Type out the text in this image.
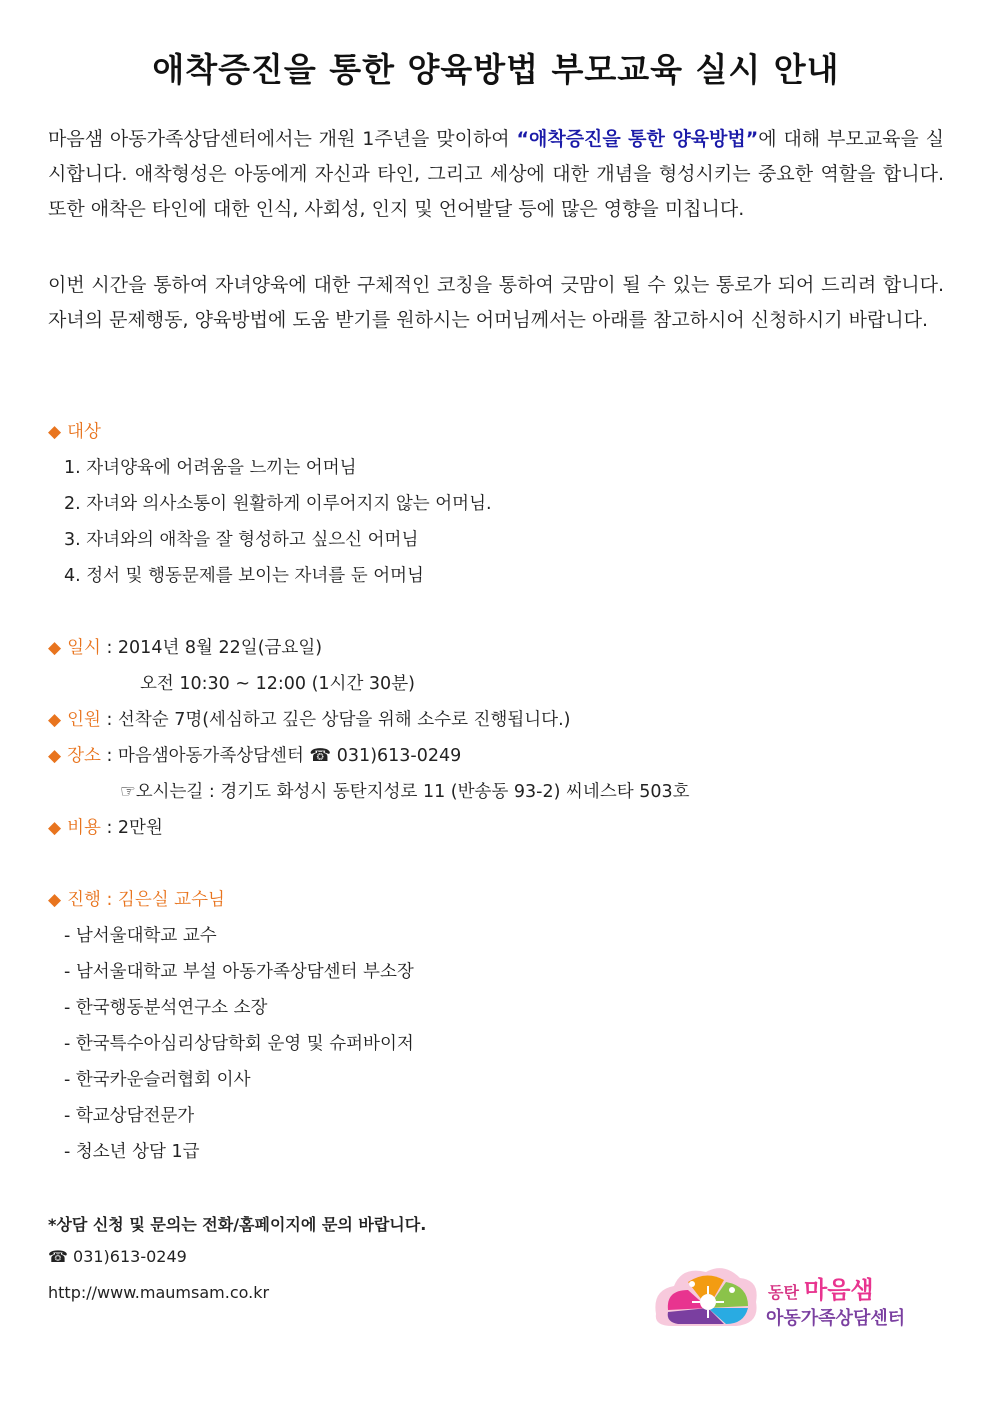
애착증진을 통한 양육방법 부모교육 실시 안내

마음샘 아동가족상담센터에서는 개원 1주년을 맞이하여 “애착증진을 통한 양육방법”에 대해 부모교육을 실시합니다. 애착형성은 아동에게 자신과 타인, 그리고 세상에 대한 개념을 형성시키는 중요한 역할을 합니다. 또한 애착은 타인에 대한 인식, 사회성, 인지 및 언어발달 등에 많은 영향을 미칩니다.

이번 시간을 통하여 자녀양육에 대한 구체적인 코칭을 통하여 긋맘이 될 수 있는 통로가 되어 드리려 합니다. 자녀의 문제행동, 양육방법에 도움 받기를 원하시는 어머님께서는 아래를 참고하시어 신청하시기 바랍니다.

◆ 대상
1. 자녀양육에 어려움을 느끼는 어머님
2. 자녀와 의사소통이 원활하게 이루어지지 않는 어머님.
3. 자녀와의 애착을 잘 형성하고 싶으신 어머님
4. 정서 및 행동문제를 보이는 자녀를 둔 어머님
◆ 일시 : 2014년 8월 22일(금요일)
오전 10:30 ~ 12:00 (1시간 30분)
◆ 인원 : 선착순 7명(세심하고 깊은 상담을 위해 소수로 진행됩니다.)
◆ 장소 : 마음샘아동가족상담센터 ☎ 031)613-0249
☞오시는길 : 경기도 화성시 동탄지성로 11 (반송동 93-2) 씨네스타 503호
◆ 비용 : 2만원
◆ 진행 : 김은실 교수님
- 남서울대학교 교수
- 남서울대학교 부설 아동가족상담센터 부소장
- 한국행동분석연구소 소장
- 한국특수아심리상담학회 운영 및 슈퍼바이저
- 한국카운슬러협회 이사
- 학교상담전문가
- 청소년 상담 1급
*상담 신청 및 문의는 전화/홈페이지에 문의 바랍니다.
☎ 031)613-0249
http://www.maumsam.co.kr	동탄 마음샘
아동가족상담센터
